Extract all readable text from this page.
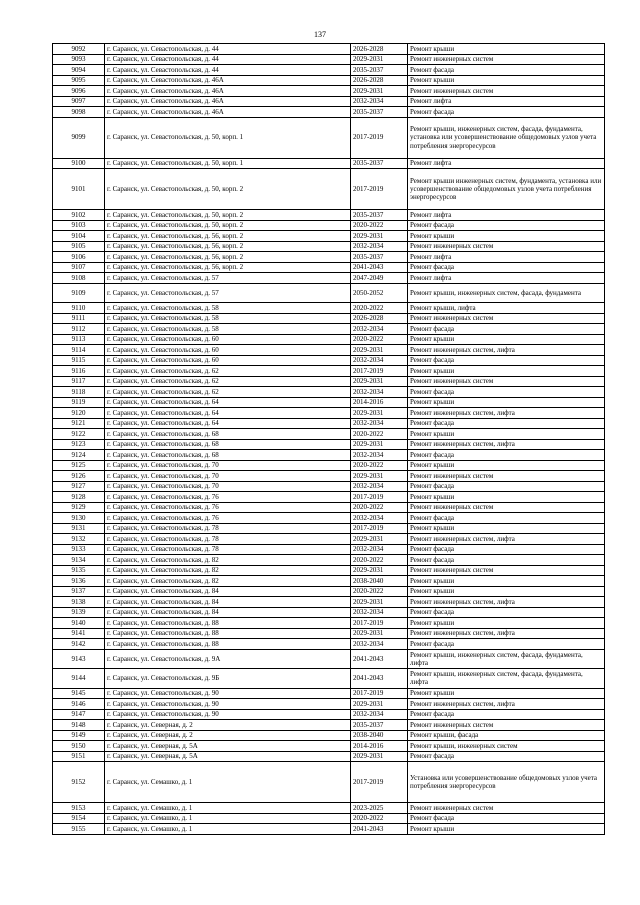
137
9092	г. Саранск, ул. Севастопольская, д. 44	2026-2028	Ремонт крыши
9093	г. Саранск, ул. Севастопольская, д. 44	2029-2031	Ремонт инженерных систем
9094	г. Саранск, ул. Севастопольская, д. 44	2035-2037	Ремонт фасада
9095	г. Саранск, ул. Севастопольская, д. 46А	2026-2028	Ремонт крыши
9096	г. Саранск, ул. Севастопольская, д. 46А	2029-2031	Ремонт инженерных систем
9097	г. Саранск, ул. Севастопольская, д. 46А	2032-2034	Ремонт лифта
9098	г. Саранск, ул. Севастопольская, д. 46А	2035-2037	Ремонт фасада
9099	г. Саранск, ул. Севастопольская, д. 50, корп. 1	2017-2019	Ремонт крыши, инженерных систем, фасада, фундамента, установка или усовершенствование общедомовых узлов учета потребления энергоресурсов
9100	г. Саранск, ул. Севастопольская, д. 50, корп. 1	2035-2037	Ремонт лифта
9101	г. Саранск, ул. Севастопольская, д. 50, корп. 2	2017-2019	Ремонт крыши инженерных систем, фундамента, установка или усовершенствование общедомовых узлов учета потребления энергоресурсов
9102	г. Саранск, ул. Севастопольская, д. 50, корп. 2	2035-2037	Ремонт лифта
9103	г. Саранск, ул. Севастопольская, д. 50, корп. 2	2020-2022	Ремонт фасада
9104	г. Саранск, ул. Севастопольская, д. 56, корп. 2	2029-2031	Ремонт крыши
9105	г. Саранск, ул. Севастопольская, д. 56, корп. 2	2032-2034	Ремонт инженерных систем
9106	г. Саранск, ул. Севастопольская, д. 56, корп. 2	2035-2037	Ремонт лифта
9107	г. Саранск, ул. Севастопольская, д. 56, корп. 2	2041-2043	Ремонт фасада
9108	г. Саранск, ул. Севастопольская, д. 57	2047-2049	Ремонт лифта
9109	г. Саранск, ул. Севастопольская, д. 57	2050-2052	Ремонт крыши, инженерных систем, фасада, фундамента
9110	г. Саранск, ул. Севастопольская, д. 58	2020-2022	Ремонт крыши, лифта
9111	г. Саранск, ул. Севастопольская, д. 58	2026-2028	Ремонт инженерных систем
9112	г. Саранск, ул. Севастопольская, д. 58	2032-2034	Ремонт фасада
9113	г. Саранск, ул. Севастопольская, д. 60	2020-2022	Ремонт крыши
9114	г. Саранск, ул. Севастопольская, д. 60	2029-2031	Ремонт инженерных систем, лифта
9115	г. Саранск, ул. Севастопольская, д. 60	2032-2034	Ремонт фасада
9116	г. Саранск, ул. Севастопольская, д. 62	2017-2019	Ремонт крыши
9117	г. Саранск, ул. Севастопольская, д. 62	2029-2031	Ремонт инженерных систем
9118	г. Саранск, ул. Севастопольская, д. 62	2032-2034	Ремонт фасада
9119	г. Саранск, ул. Севастопольская, д. 64	2014-2016	Ремонт крыши
9120	г. Саранск, ул. Севастопольская, д. 64	2029-2031	Ремонт инженерных систем, лифта
9121	г. Саранск, ул. Севастопольская, д. 64	2032-2034	Ремонт фасада
9122	г. Саранск, ул. Севастопольская, д. 68	2020-2022	Ремонт крыши
9123	г. Саранск, ул. Севастопольская, д. 68	2029-2031	Ремонт инженерных систем, лифта
9124	г. Саранск, ул. Севастопольская, д. 68	2032-2034	Ремонт фасада
9125	г. Саранск, ул. Севастопольская, д. 70	2020-2022	Ремонт крыши
9126	г. Саранск, ул. Севастопольская, д. 70	2029-2031	Ремонт инженерных систем
9127	г. Саранск, ул. Севастопольская, д. 70	2032-2034	Ремонт фасада
9128	г. Саранск, ул. Севастопольская, д. 76	2017-2019	Ремонт крыши
9129	г. Саранск, ул. Севастопольская, д. 76	2020-2022	Ремонт инженерных систем
9130	г. Саранск, ул. Севастопольская, д. 76	2032-2034	Ремонт фасада
9131	г. Саранск, ул. Севастопольская, д. 78	2017-2019	Ремонт крыши
9132	г. Саранск, ул. Севастопольская, д. 78	2029-2031	Ремонт инженерных систем, лифта
9133	г. Саранск, ул. Севастопольская, д. 78	2032-2034	Ремонт фасада
9134	г. Саранск, ул. Севастопольская, д. 82	2020-2022	Ремонт фасада
9135	г. Саранск, ул. Севастопольская, д. 82	2029-2031	Ремонт инженерных систем
9136	г. Саранск, ул. Севастопольская, д. 82	2038-2040	Ремонт крыши
9137	г. Саранск, ул. Севастопольская, д. 84	2020-2022	Ремонт крыши
9138	г. Саранск, ул. Севастопольская, д. 84	2029-2031	Ремонт инженерных систем, лифта
9139	г. Саранск, ул. Севастопольская, д. 84	2032-2034	Ремонт фасада
9140	г. Саранск, ул. Севастопольская, д. 88	2017-2019	Ремонт крыши
9141	г. Саранск, ул. Севастопольская, д. 88	2029-2031	Ремонт инженерных систем, лифта
9142	г. Саранск, ул. Севастопольская, д. 88	2032-2034	Ремонт фасада
9143	г. Саранск, ул. Севастопольская, д. 9А	2041-2043	Ремонт крыши, инженерных систем, фасада, фундамента, лифта
9144	г. Саранск, ул. Севастопольская, д. 9Б	2041-2043	Ремонт крыши, инженерных систем, фасада, фундамента, лифта
9145	г. Саранск, ул. Севастопольская, д. 90	2017-2019	Ремонт крыши
9146	г. Саранск, ул. Севастопольская, д. 90	2029-2031	Ремонт инженерных систем, лифта
9147	г. Саранск, ул. Севастопольская, д. 90	2032-2034	Ремонт фасада
9148	г. Саранск, ул. Северная, д. 2	2035-2037	Ремонт инженерных систем
9149	г. Саранск, ул. Северная, д. 2	2038-2040	Ремонт крыши, фасада
9150	г. Саранск, ул. Северная, д. 5А	2014-2016	Ремонт крыши, инженерных систем
9151	г. Саранск, ул. Северная, д. 5А	2029-2031	Ремонт фасада
9152	г. Саранск, ул. Семашко, д. 1	2017-2019	Установка или усовершенствование общедомовых узлов учета потребления энергоресурсов
9153	г. Саранск, ул. Семашко, д. 1	2023-2025	Ремонт инженерных систем
9154	г. Саранск, ул. Семашко, д. 1	2020-2022	Ремонт фасада
9155	г. Саранск, ул. Семашко, д. 1	2041-2043	Ремонт крыши
